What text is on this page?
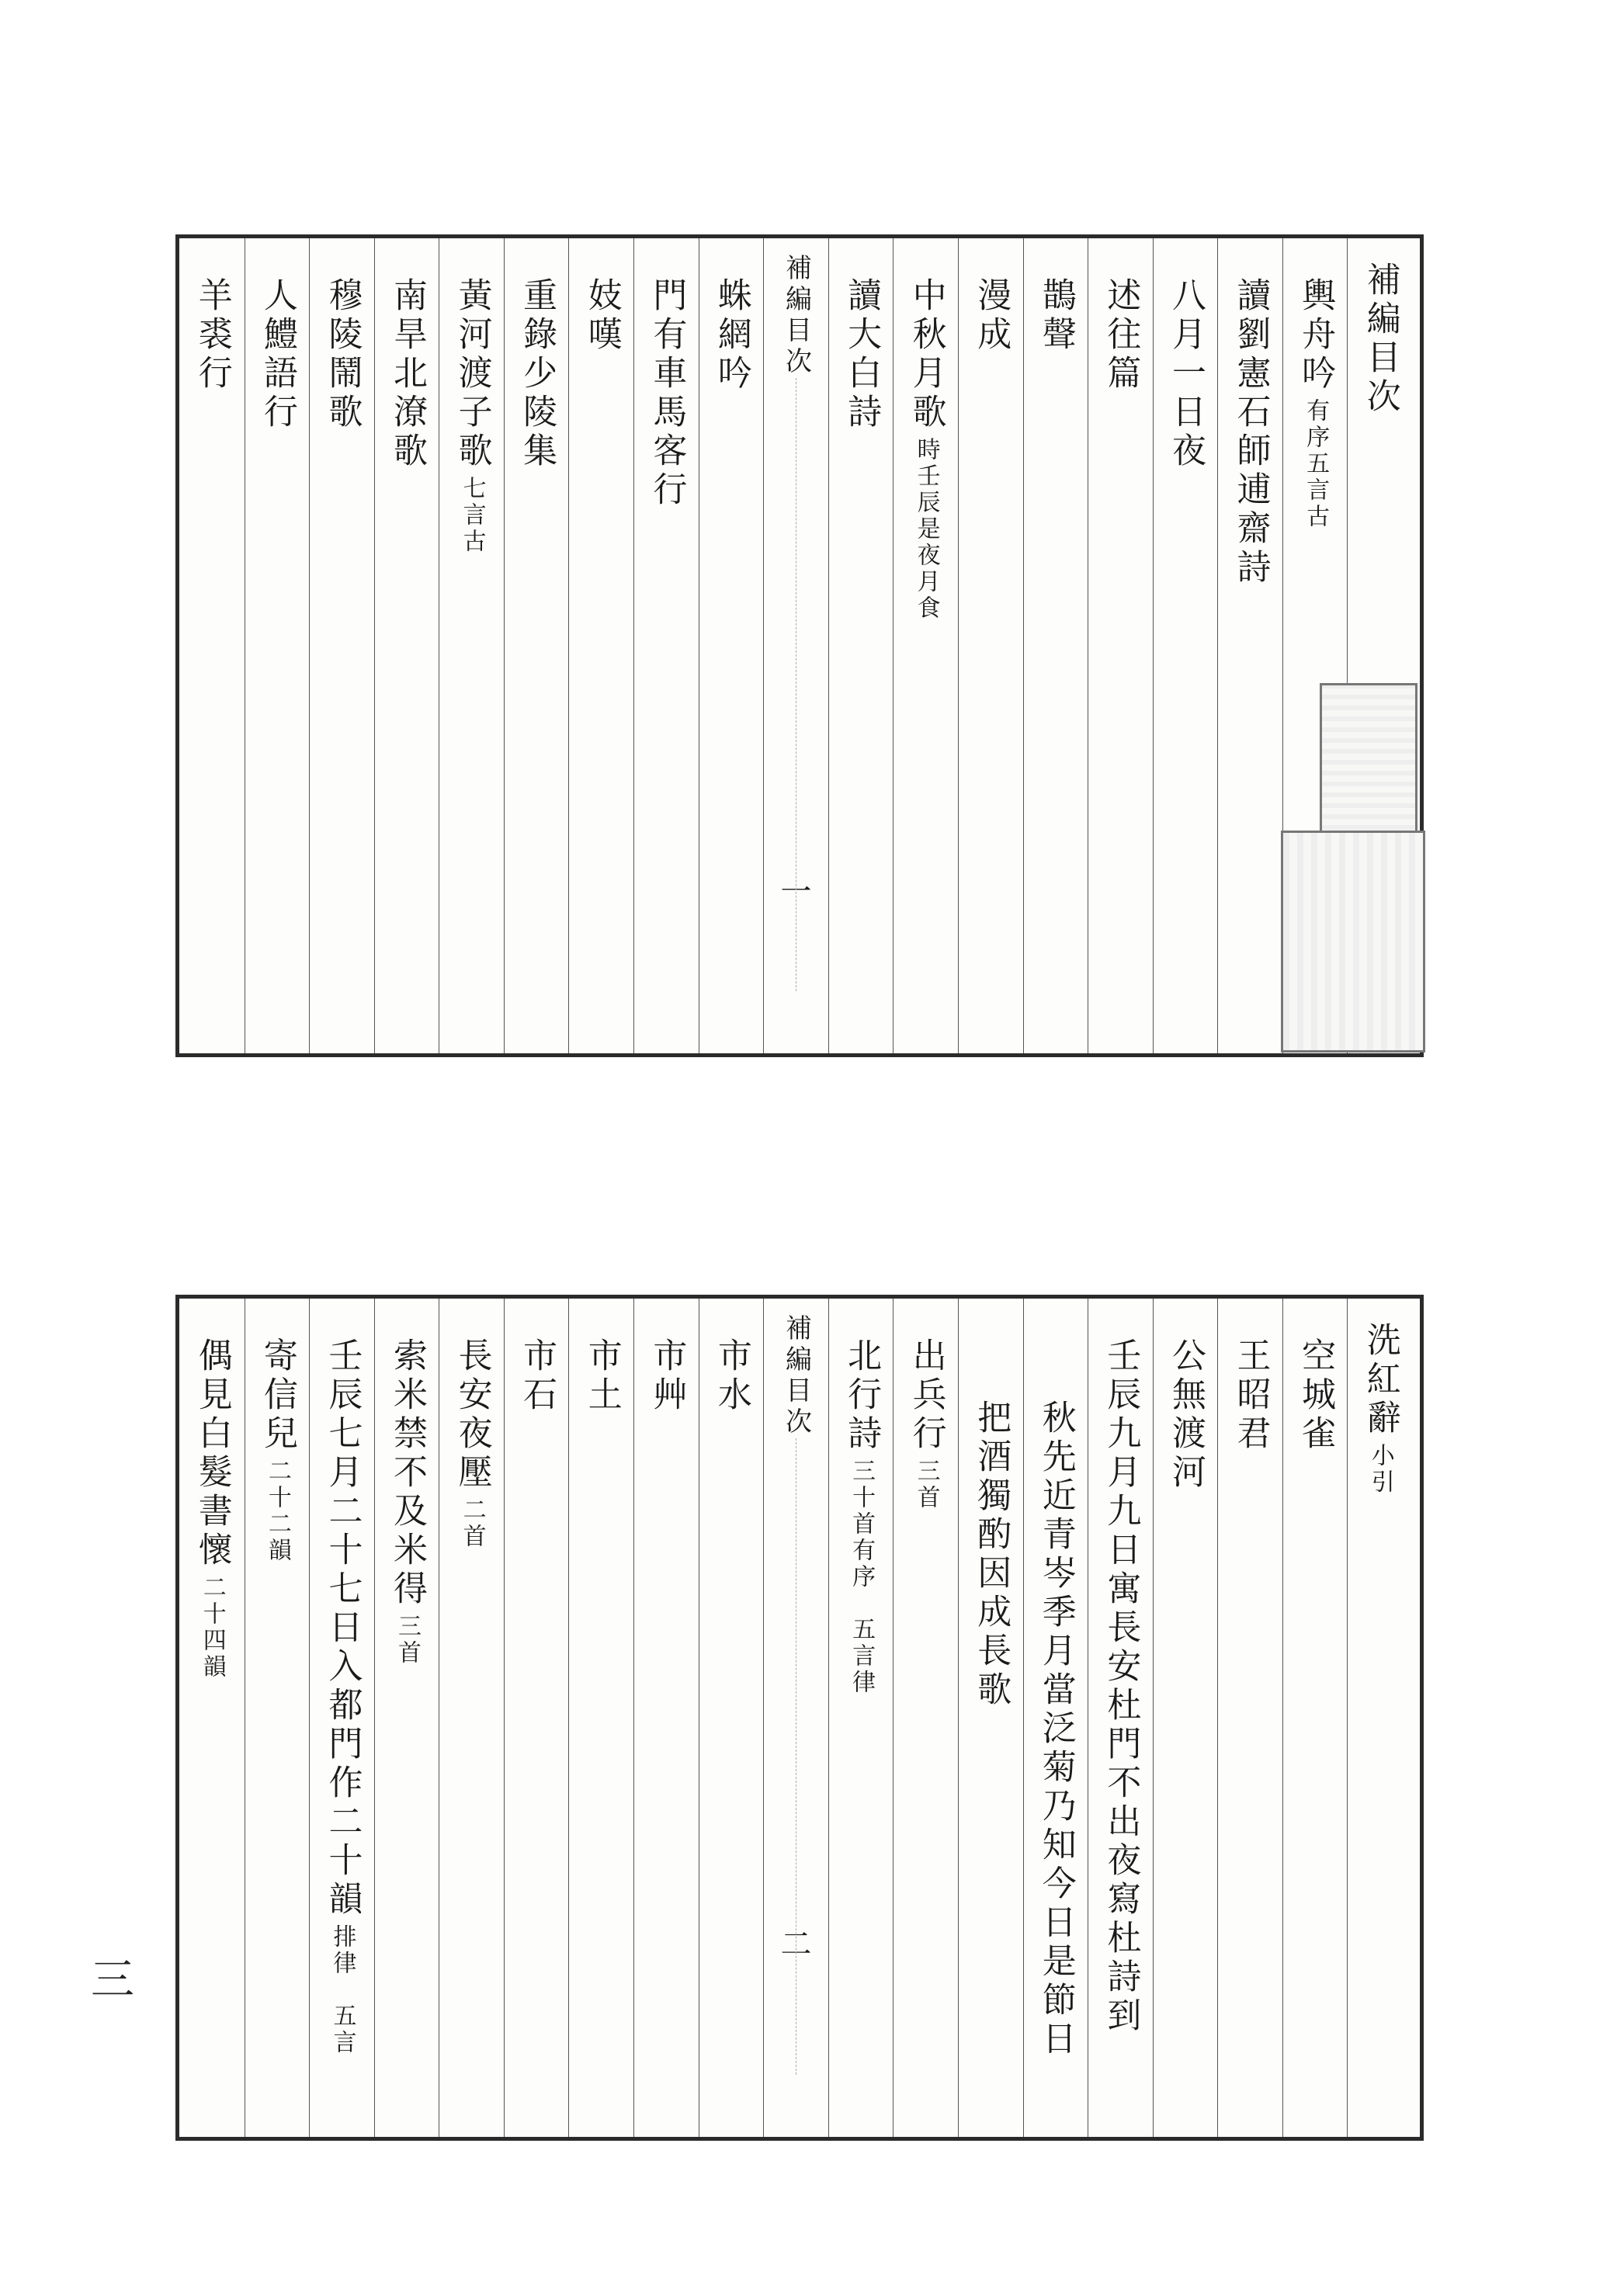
補編目次
輿舟吟有序五言古
讀劉憲石師逋齋詩
八月一日夜
述往篇
鵲聲
漫成
中秋月歌時壬辰是夜月食
讀大白詩
補編目次
一
蛛網吟
門有車馬客行
妓嘆
重錄少陵集
黃河渡子歌七言古
南旱北潦歌
穆陵鬧歌
人鱧語行
羊裘行
洗紅辭小引
空城雀
王昭君
公無渡河
壬辰九月九日寓長安杜門不出夜寫杜詩到
秋先近青岑季月當泛菊乃知今日是節日
把酒獨酌因成長歌
出兵行三首
北行詩三十首有序　五言律
補編目次
二
市水
市艸
市土
市石
長安夜壓二首
索米禁不及米得三首
壬辰七月二十七日入都門作二十韻排律　五言
寄信兒二十二韻
偶見白髮書懷二十四韻
三
